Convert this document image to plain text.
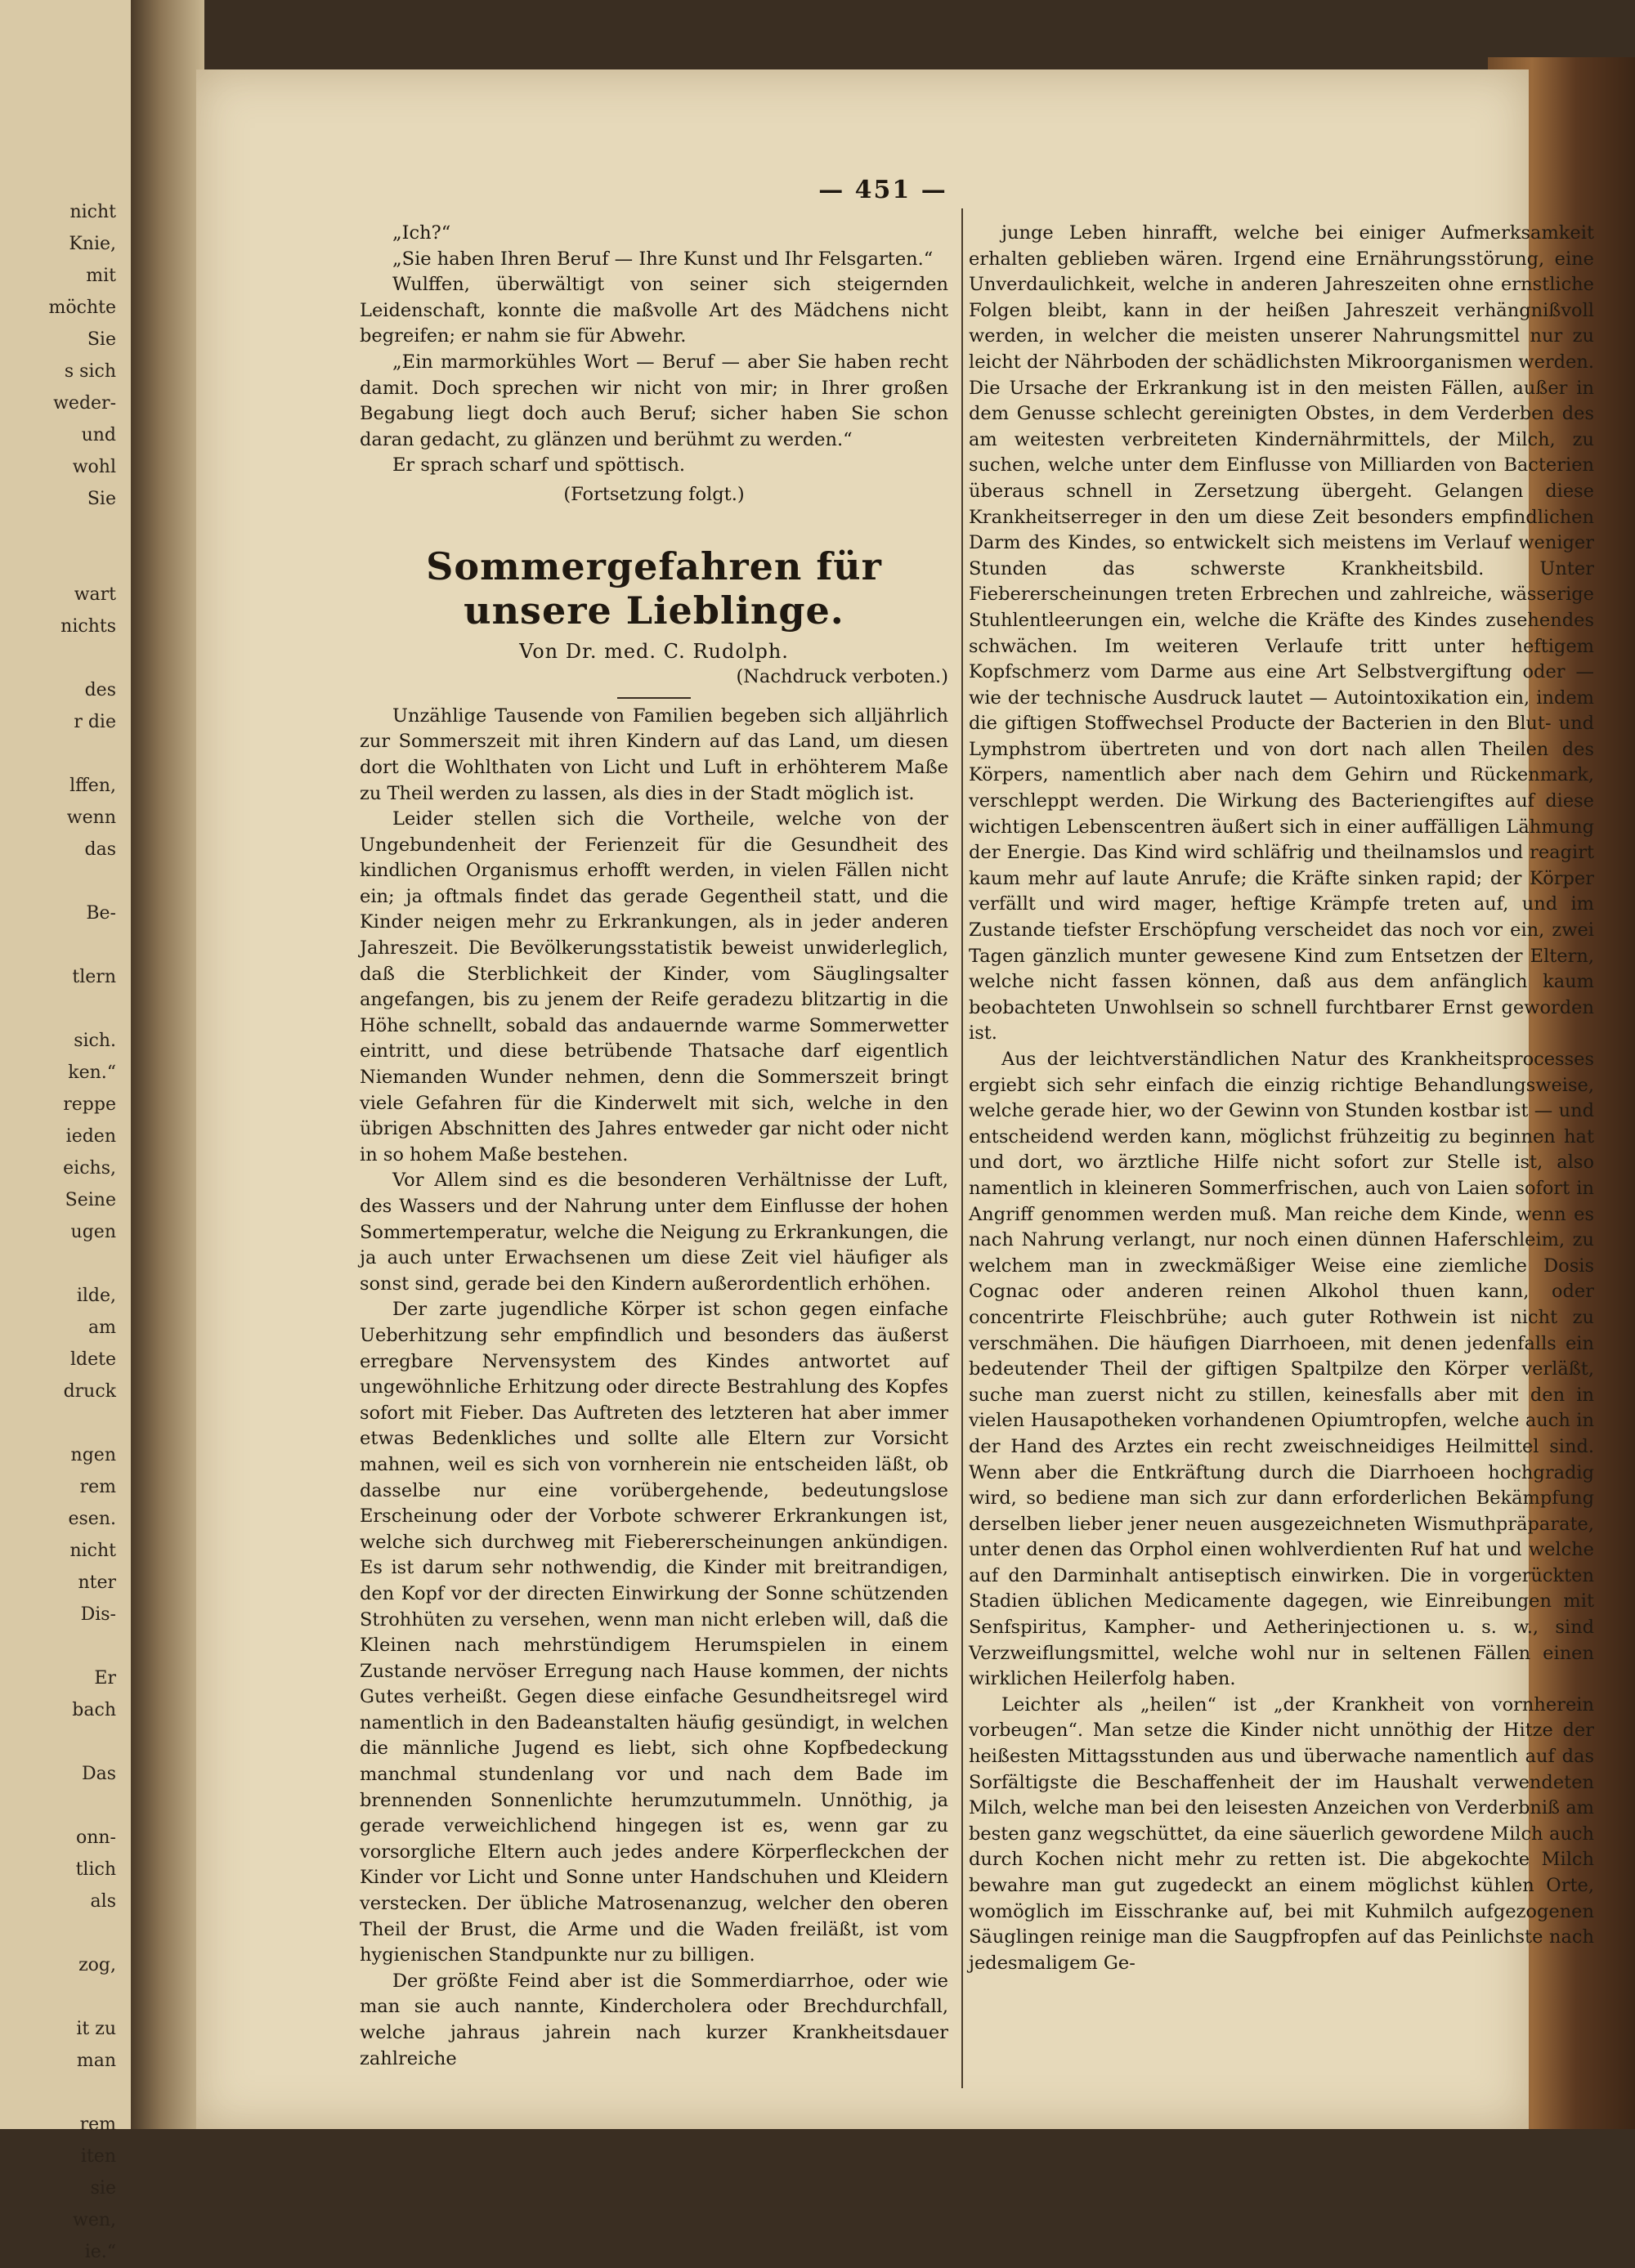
nicht
Knie,
mit
möchte
Sie
s sich
weder-
und
wohl
Sie
wart
nichts
des
r die
lffen,
wenn
das
Be-
tlern
sich.
ken.“
reppe
ieden
eichs,
Seine
ugen
ilde,
am
ldete
druck
ngen
rem
esen.
nicht
nter
Dis-
Er
bach
Das
onn-
tlich
als
zog,
it zu
man
rem
iten
sie
wen,
ie.“
— 451 —

„Ich?“

„Sie haben Ihren Beruf — Ihre Kunst und Ihr Felsgarten.“

Wulffen, überwältigt von seiner sich steigernden Leidenschaft, konnte die maßvolle Art des Mädchens nicht begreifen; er nahm sie für Abwehr.

„Ein marmorkühles Wort — Beruf — aber Sie haben recht damit. Doch sprechen wir nicht von mir; in Ihrer großen Begabung liegt doch auch Beruf; sicher haben Sie schon daran gedacht, zu glänzen und berühmt zu werden.“

Er sprach scharf und spöttisch.

(Fortsetzung folgt.)

Sommergefahren für unsere Lieblinge.
Von Dr. med. C. Rudolph.
(Nachdruck verboten.)

Unzählige Tausende von Familien begeben sich alljährlich zur Sommerszeit mit ihren Kindern auf das Land, um diesen dort die Wohlthaten von Licht und Luft in erhöhterem Maße zu Theil werden zu lassen, als dies in der Stadt möglich ist.

Leider stellen sich die Vortheile, welche von der Ungebundenheit der Ferienzeit für die Gesundheit des kindlichen Organismus erhofft werden, in vielen Fällen nicht ein; ja oftmals findet das gerade Gegentheil statt, und die Kinder neigen mehr zu Erkrankungen, als in jeder anderen Jahreszeit. Die Bevölkerungsstatistik beweist unwiderleglich, daß die Sterblichkeit der Kinder, vom Säuglingsalter angefangen, bis zu jenem der Reife geradezu blitzartig in die Höhe schnellt, sobald das andauernde warme Sommerwetter eintritt, und diese betrübende Thatsache darf eigentlich Niemanden Wunder nehmen, denn die Sommerszeit bringt viele Gefahren für die Kinderwelt mit sich, welche in den übrigen Abschnitten des Jahres entweder gar nicht oder nicht in so hohem Maße bestehen.

Vor Allem sind es die besonderen Verhältnisse der Luft, des Wassers und der Nahrung unter dem Einflusse der hohen Sommertemperatur, welche die Neigung zu Erkrankungen, die ja auch unter Erwachsenen um diese Zeit viel häufiger als sonst sind, gerade bei den Kindern außerordentlich erhöhen.

Der zarte jugendliche Körper ist schon gegen einfache Ueberhitzung sehr empfindlich und besonders das äußerst erregbare Nervensystem des Kindes antwortet auf ungewöhnliche Erhitzung oder directe Bestrahlung des Kopfes sofort mit Fieber. Das Auftreten des letzteren hat aber immer etwas Bedenkliches und sollte alle Eltern zur Vorsicht mahnen, weil es sich von vornherein nie entscheiden läßt, ob dasselbe nur eine vorübergehende, bedeutungslose Erscheinung oder der Vorbote schwerer Erkrankungen ist, welche sich durchweg mit Fiebererscheinungen ankündigen. Es ist darum sehr nothwendig, die Kinder mit breitrandigen, den Kopf vor der directen Einwirkung der Sonne schützenden Strohhüten zu versehen, wenn man nicht erleben will, daß die Kleinen nach mehrstündigem Herumspielen in einem Zustande nervöser Erregung nach Hause kommen, der nichts Gutes verheißt. Gegen diese einfache Gesundheitsregel wird namentlich in den Badeanstalten häufig gesündigt, in welchen die männliche Jugend es liebt, sich ohne Kopfbedeckung manchmal stundenlang vor und nach dem Bade im brennenden Sonnenlichte herumzutummeln. Unnöthig, ja gerade verweichlichend hingegen ist es, wenn gar zu vorsorgliche Eltern auch jedes andere Körperfleckchen der Kinder vor Licht und Sonne unter Handschuhen und Kleidern verstecken. Der übliche Matrosenanzug, welcher den oberen Theil der Brust, die Arme und die Waden freiläßt, ist vom hygienischen Standpunkte nur zu billigen.

Der größte Feind aber ist die Sommerdiarrhoe, oder wie man sie auch nannte, Kindercholera oder Brechdurchfall, welche jahraus jahrein nach kurzer Krankheitsdauer zahlreiche

junge Leben hinrafft, welche bei einiger Aufmerksamkeit erhalten geblieben wären. Irgend eine Ernährungsstörung, eine Unverdaulichkeit, welche in anderen Jahreszeiten ohne ernstliche Folgen bleibt, kann in der heißen Jahreszeit verhängnißvoll werden, in welcher die meisten unserer Nahrungsmittel nur zu leicht der Nährboden der schädlichsten Mikroorganismen werden. Die Ursache der Erkrankung ist in den meisten Fällen, außer in dem Genusse schlecht gereinigten Obstes, in dem Verderben des am weitesten verbreiteten Kindernährmittels, der Milch, zu suchen, welche unter dem Einflusse von Milliarden von Bacterien überaus schnell in Zersetzung übergeht. Gelangen diese Krankheitserreger in den um diese Zeit besonders empfindlichen Darm des Kindes, so entwickelt sich meistens im Verlauf weniger Stunden das schwerste Krankheitsbild. Unter Fiebererscheinungen treten Erbrechen und zahlreiche, wässerige Stuhlentleerungen ein, welche die Kräfte des Kindes zusehendes schwächen. Im weiteren Verlaufe tritt unter heftigem Kopfschmerz vom Darme aus eine Art Selbstvergiftung oder — wie der technische Ausdruck lautet — Autointoxikation ein, indem die giftigen Stoffwechsel Producte der Bacterien in den Blut- und Lymphstrom übertreten und von dort nach allen Theilen des Körpers, namentlich aber nach dem Gehirn und Rückenmark, verschleppt werden. Die Wirkung des Bacteriengiftes auf diese wichtigen Lebenscentren äußert sich in einer auffälligen Lähmung der Energie. Das Kind wird schläfrig und theilnamslos und reagirt kaum mehr auf laute Anrufe; die Kräfte sinken rapid; der Körper verfällt und wird mager, heftige Krämpfe treten auf, und im Zustande tiefster Erschöpfung verscheidet das noch vor ein, zwei Tagen gänzlich munter gewesene Kind zum Entsetzen der Eltern, welche nicht fassen können, daß aus dem anfänglich kaum beobachteten Unwohlsein so schnell furchtbarer Ernst geworden ist.

Aus der leichtverständlichen Natur des Krankheitsprocesses ergiebt sich sehr einfach die einzig richtige Behandlungsweise, welche gerade hier, wo der Gewinn von Stunden kostbar ist — und entscheidend werden kann, möglichst frühzeitig zu beginnen hat und dort, wo ärztliche Hilfe nicht sofort zur Stelle ist, also namentlich in kleineren Sommerfrischen, auch von Laien sofort in Angriff genommen werden muß. Man reiche dem Kinde, wenn es nach Nahrung verlangt, nur noch einen dünnen Haferschleim, zu welchem man in zweckmäßiger Weise eine ziemliche Dosis Cognac oder anderen reinen Alkohol thuen kann, oder concentrirte Fleischbrühe; auch guter Rothwein ist nicht zu verschmähen. Die häufigen Diarrhoeen, mit denen jedenfalls ein bedeutender Theil der giftigen Spaltpilze den Körper verläßt, suche man zuerst nicht zu stillen, keinesfalls aber mit den in vielen Hausapotheken vorhandenen Opiumtropfen, welche auch in der Hand des Arztes ein recht zweischneidiges Heilmittel sind. Wenn aber die Entkräftung durch die Diarrhoeen hochgradig wird, so bediene man sich zur dann erforderlichen Bekämpfung derselben lieber jener neuen ausgezeichneten Wismuthpräparate, unter denen das Orphol einen wohlverdienten Ruf hat und welche auf den Darminhalt antiseptisch einwirken. Die in vorgerückten Stadien üblichen Medicamente dagegen, wie Einreibungen mit Senfspiritus, Kampher- und Aetherinjectionen u. s. w., sind Verzweiflungsmittel, welche wohl nur in seltenen Fällen einen wirklichen Heilerfolg haben.

Leichter als „heilen“ ist „der Krankheit von vornherein vorbeugen“. Man setze die Kinder nicht unnöthig der Hitze der heißesten Mittagsstunden aus und überwache namentlich auf das Sorfältigste die Beschaffenheit der im Haushalt verwendeten Milch, welche man bei den leisesten Anzeichen von Verderbniß am besten ganz wegschüttet, da eine säuerlich gewordene Milch auch durch Kochen nicht mehr zu retten ist. Die abgekochte Milch bewahre man gut zugedeckt an einem möglichst kühlen Orte, womöglich im Eisschranke auf, bei mit Kuhmilch aufgezogenen Säuglingen reinige man die Saugpfropfen auf das Peinlichste nach jedesmaligem Ge-
